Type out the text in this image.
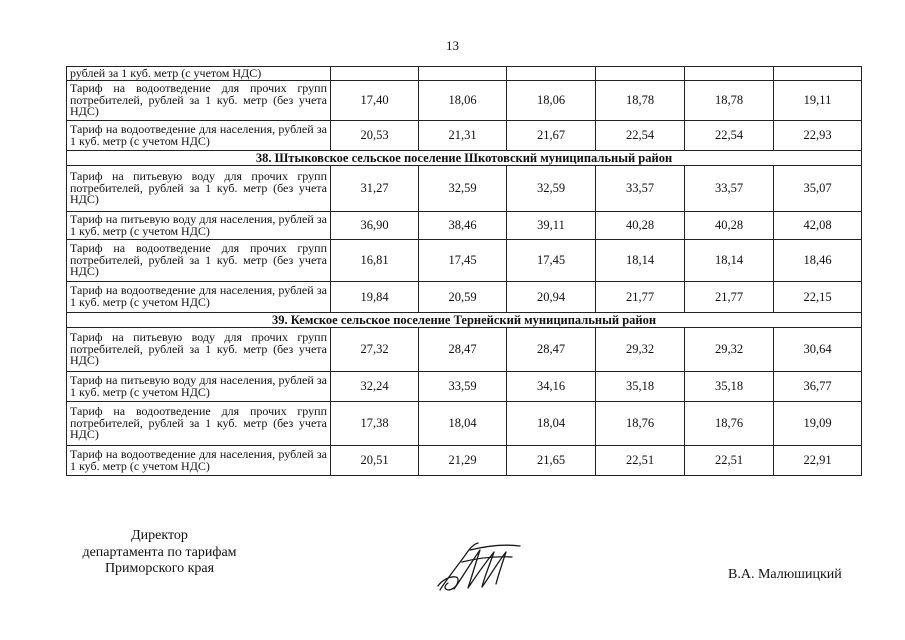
13
рублей за 1 куб. метр (с учетом НДС)						
Тариф на водоотведение для прочих групп потребителей, рублей за 1 куб. метр (без учета НДС)	17,40	18,06	18,06	18,78	18,78	19,11
Тариф на водоотведение для населения, рублей за 1 куб. метр (с учетом НДС)	20,53	21,31	21,67	22,54	22,54	22,93
38. Штыковское сельское поселение Шкотовский муниципальный район						
Тариф на питьевую воду для прочих групп потребителей, рублей за 1 куб. метр (без учета НДС)	31,27	32,59	32,59	33,57	33,57	35,07
Тариф на питьевую воду для населения, рублей за 1 куб. метр (с учетом НДС)	36,90	38,46	39,11	40,28	40,28	42,08
Тариф на водоотведение для прочих групп потребителей, рублей за 1 куб. метр (без учета НДС)	16,81	17,45	17,45	18,14	18,14	18,46
Тариф на водоотведение для населения, рублей за 1 куб. метр (с учетом НДС)	19,84	20,59	20,94	21,77	21,77	22,15
39. Кемское сельское поселение Тернейский муниципальный район						
Тариф на питьевую воду для прочих групп потребителей, рублей за 1 куб. метр (без учета НДС)	27,32	28,47	28,47	29,32	29,32	30,64
Тариф на питьевую воду для населения, рублей за 1 куб. метр (с учетом НДС)	32,24	33,59	34,16	35,18	35,18	36,77
Тариф на водоотведение для прочих групп потребителей, рублей за 1 куб. метр (без учета НДС)	17,38	18,04	18,04	18,76	18,76	19,09
Тариф на водоотведение для населения, рублей за 1 куб. метр (с учетом НДС)	20,51	21,29	21,65	22,51	22,51	22,91
Директор
департамента по тарифам
Приморского края	В.А. Малюшицкий
